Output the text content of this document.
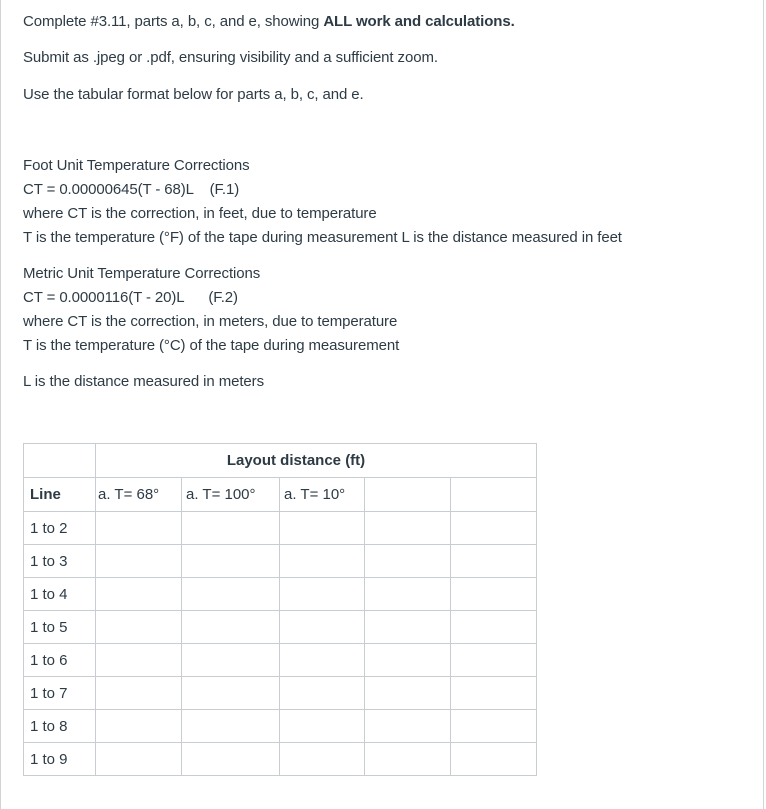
Complete #3.11, parts a, b, c, and e, showing ALL work and calculations.
Submit as .jpeg or .pdf, ensuring visibility and a sufficient zoom.
Use the tabular format below for parts a, b, c, and e.
Foot Unit Temperature Corrections
CT = 0.00000645(T - 68)L    (F.1)
where CT is the correction, in feet, due to temperature
T is the temperature (°F) of the tape during measurement L is the distance measured in feet
Metric Unit Temperature Corrections
CT = 0.0000116(T - 20)L      (F.2)
where CT is the correction, in meters, due to temperature
T is the temperature (°C) of the tape during measurement
L is the distance measured in meters
	Layout distance (ft)				
Line	a. T= 68°	a. T= 100°	a. T= 10°		
1 to 2					
1 to 3					
1 to 4					
1 to 5					
1 to 6					
1 to 7					
1 to 8					
1 to 9					
